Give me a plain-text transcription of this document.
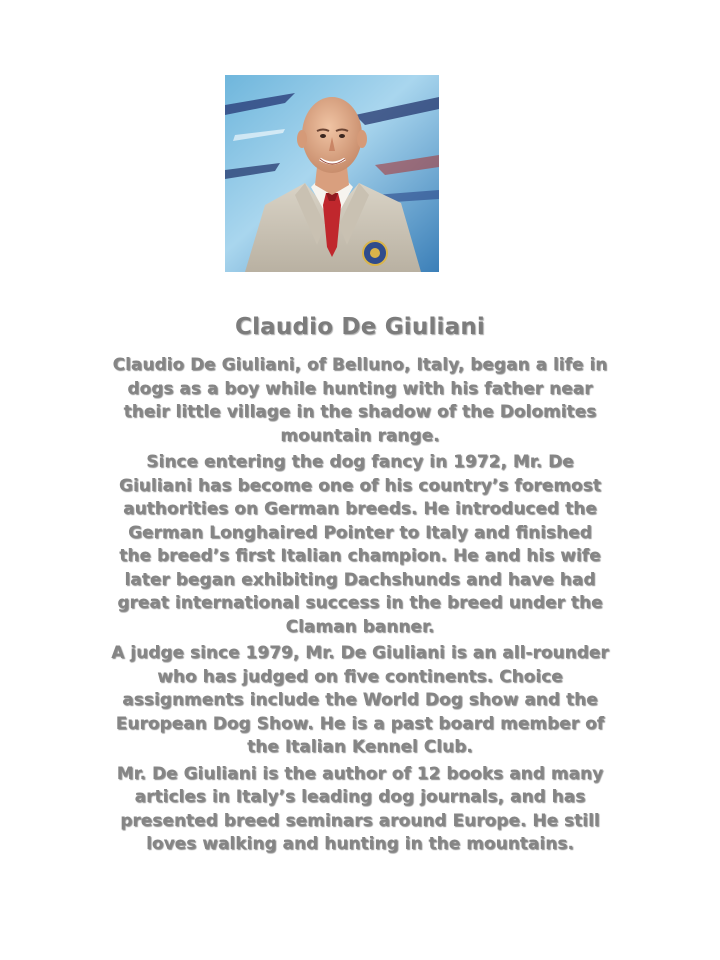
Claudio De Giuliani

Claudio De Giuliani, of Belluno, Italy, began a life in dogs as a boy while hunting with his father near their little village in the shadow of the Dolomites mountain range.

Since entering the dog fancy in 1972, Mr. De Giuliani has become one of his country’s foremost authorities on German breeds. He introduced the German Longhaired Pointer to Italy and finished the breed’s first Italian champion. He and his wife later began exhibiting Dachshunds and have had great international success in the breed under the Claman banner.

A judge since 1979, Mr. De Giuliani is an all-rounder who has judged on five continents. Choice assignments include the World Dog show and the European Dog Show. He is a past board member of the Italian Kennel Club.

Mr. De Giuliani is the author of 12 books and many articles in Italy’s leading dog journals, and has presented breed seminars around Europe. He still loves walking and hunting in the mountains.
